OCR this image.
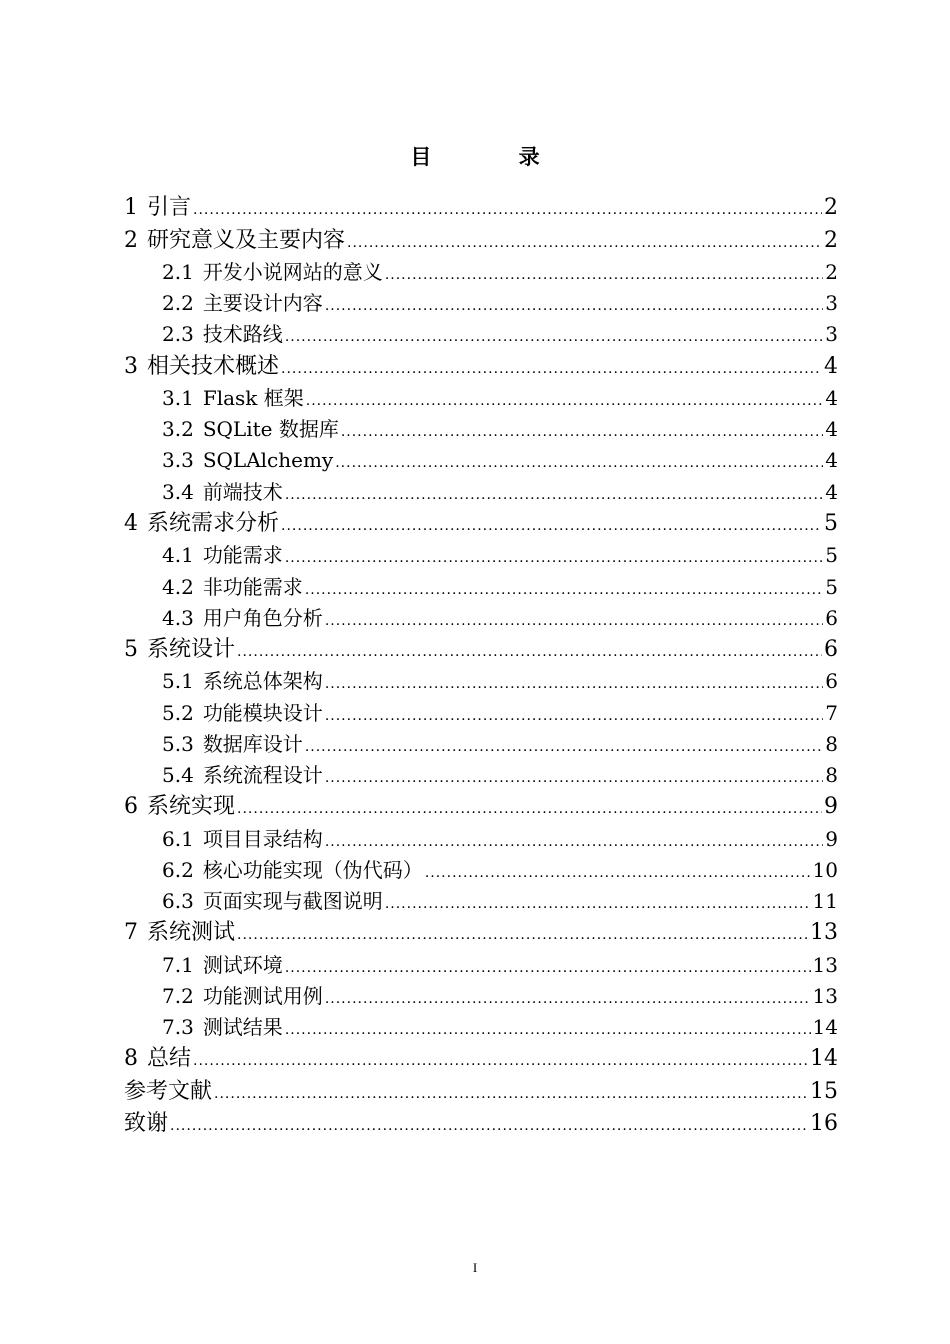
目 录
1 引言 .....	2
2 研究意义及主要内容 .....	2
2.1 开发小说网站的意义 .....	2
2.2 主要设计内容 .....	3
2.3 技术路线 .....	3
3 相关技术概述 .....	4
3.1 Flask 框架 .....	4
3.2 SQLite 数据库 .....	4
3.3 SQLAlchemy .....	4
3.4 前端技术 .....	4
4 系统需求分析 .....	5
4.1 功能需求 .....	5
4.2 非功能需求 .....	5
4.3 用户角色分析 .....	6
5 系统设计 .....	6
5.1 系统总体架构 .....	6
5.2 功能模块设计 .....	7
5.3 数据库设计 .....	8
5.4 系统流程设计 .....	8
6 系统实现 .....	9
6.1 项目目录结构 .....	9
6.2 核心功能实现（伪代码） .....	10
6.3 页面实现与截图说明 .....	11
7 系统测试 .....	13
7.1 测试环境 .....	13
7.2 功能测试用例 .....	13
7.3 测试结果 .....	14
8 总结 .....	14
参考文献 .....	15
致谢 .....	16
I
